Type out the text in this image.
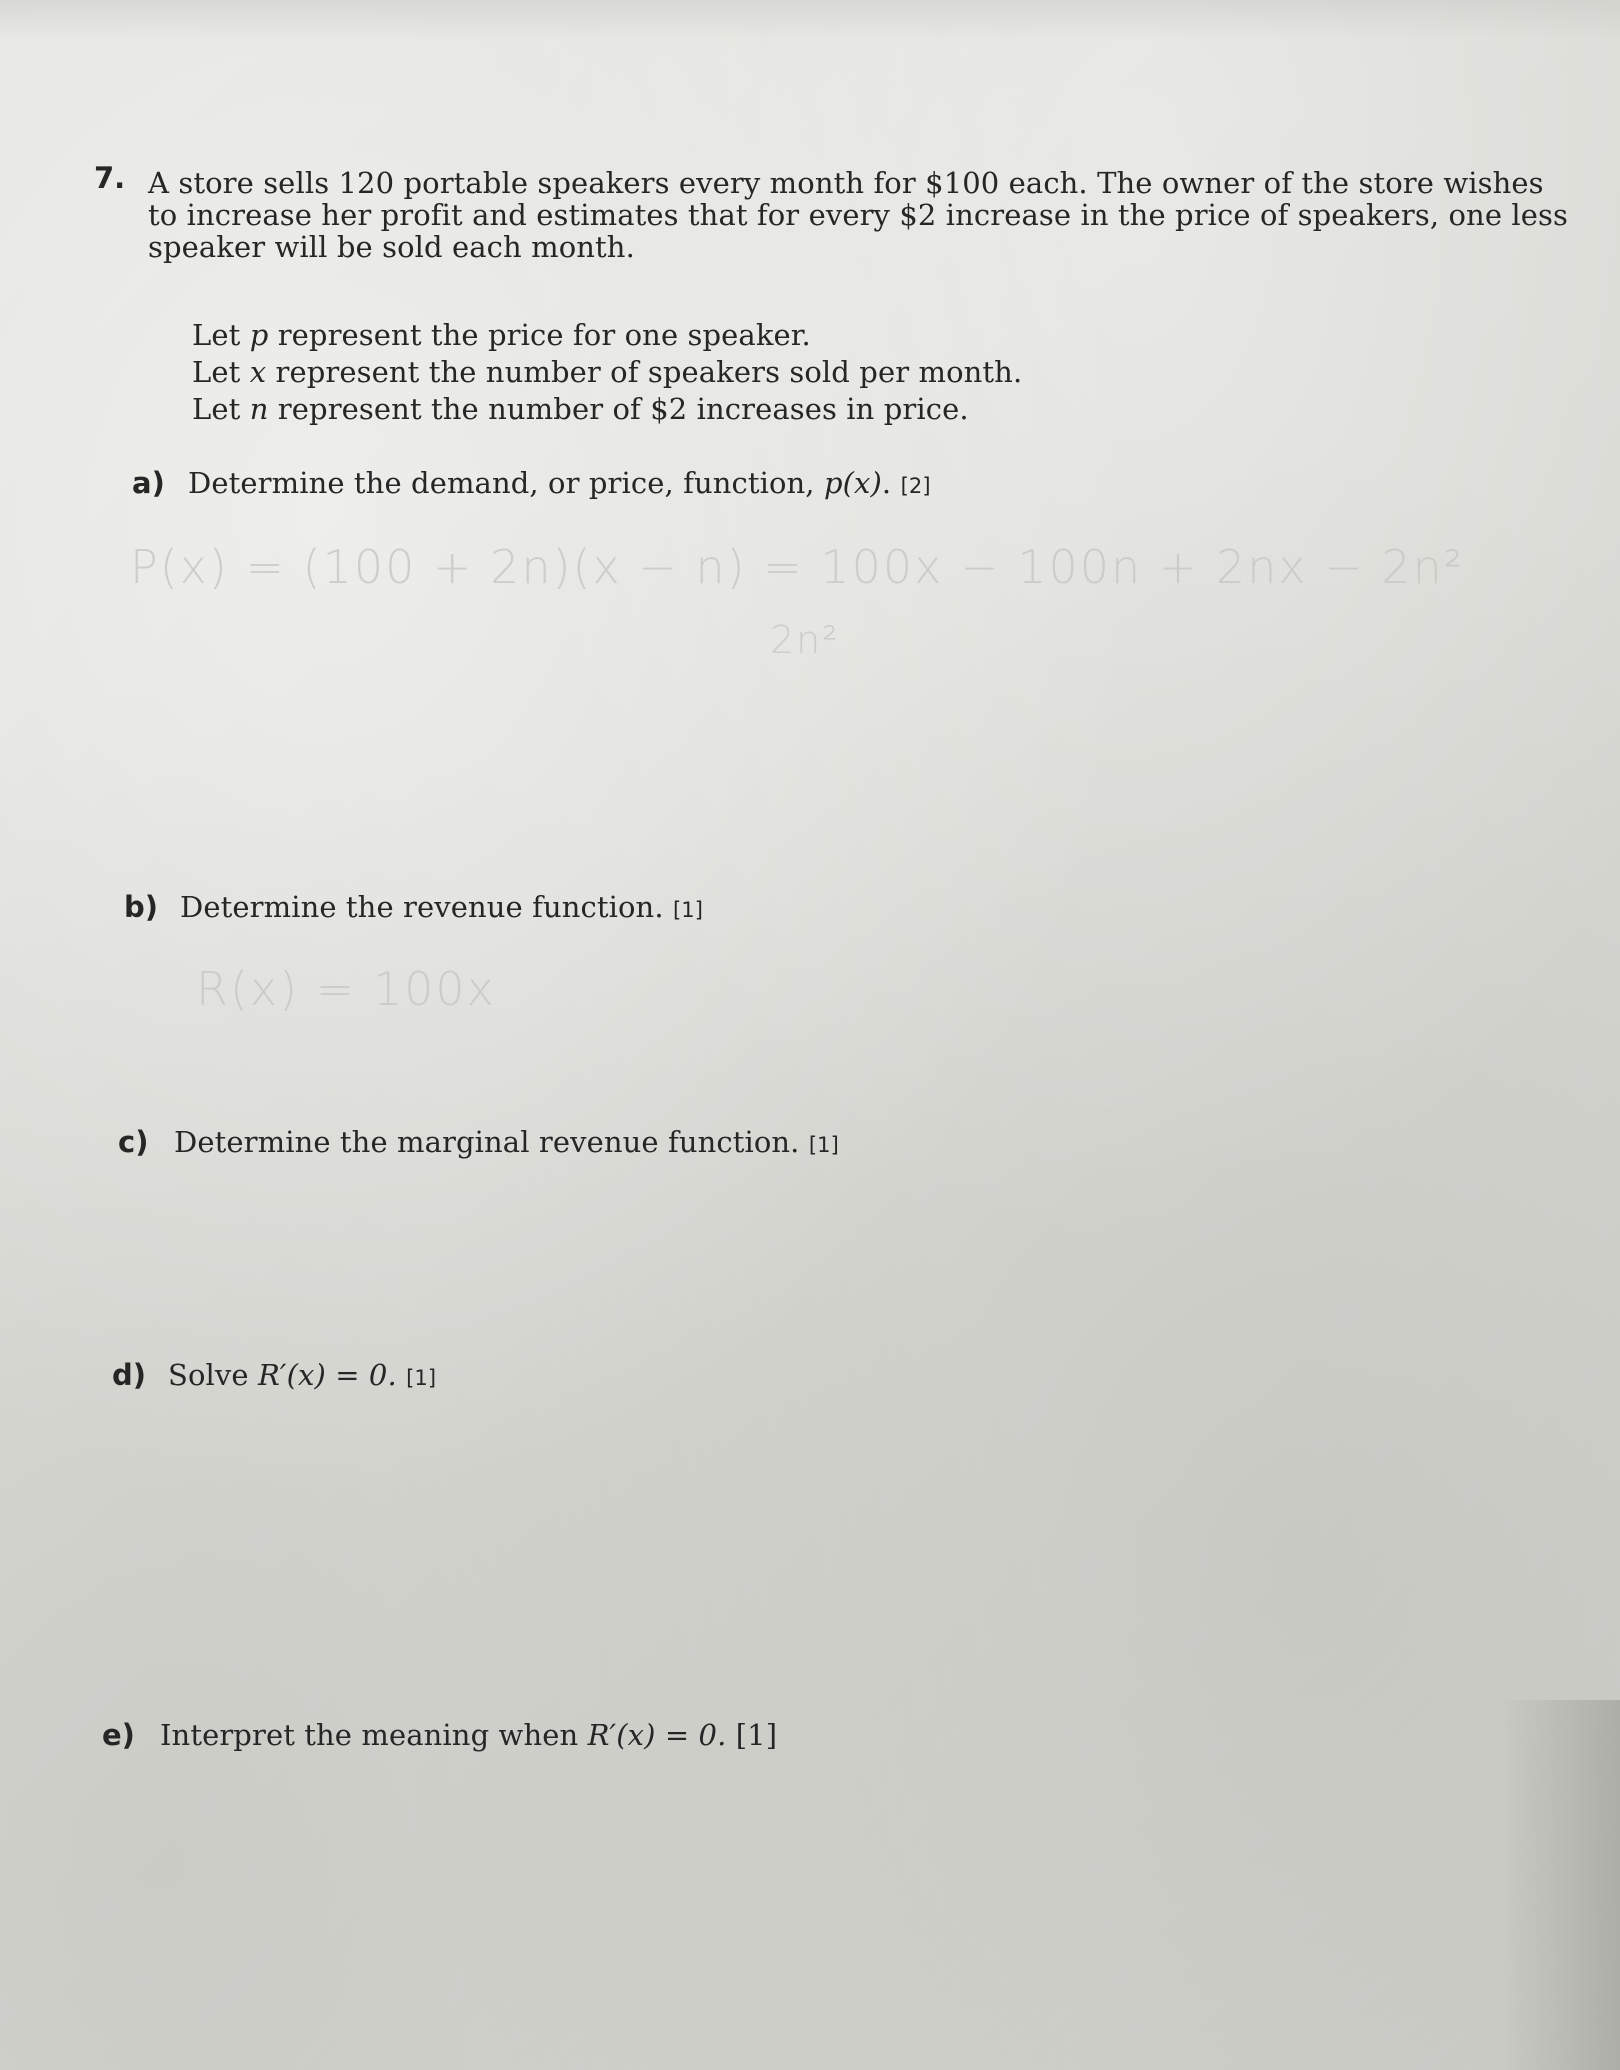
7. A store sells 120 portable speakers every month for $100 each. The owner of the store wishes
to increase her profit and estimates that for every $2 increase in the price of speakers, one less
speaker will be sold each month.
Let p represent the price for one speaker.
Let x represent the number of speakers sold per month.
Let n represent the number of $2 increases in price.
a) Determine the demand, or price, function, p(x). [2]
P(x) = (100 + 2n)(x − n) = 100x − 100n + 2nx − 2n²
2n²
b) Determine the revenue function. [1]
R(x) = 100x
c) Determine the marginal revenue function. [1]
d) Solve R′(x) = 0. [1]
e) Interpret the meaning when R′(x) = 0. [1]
